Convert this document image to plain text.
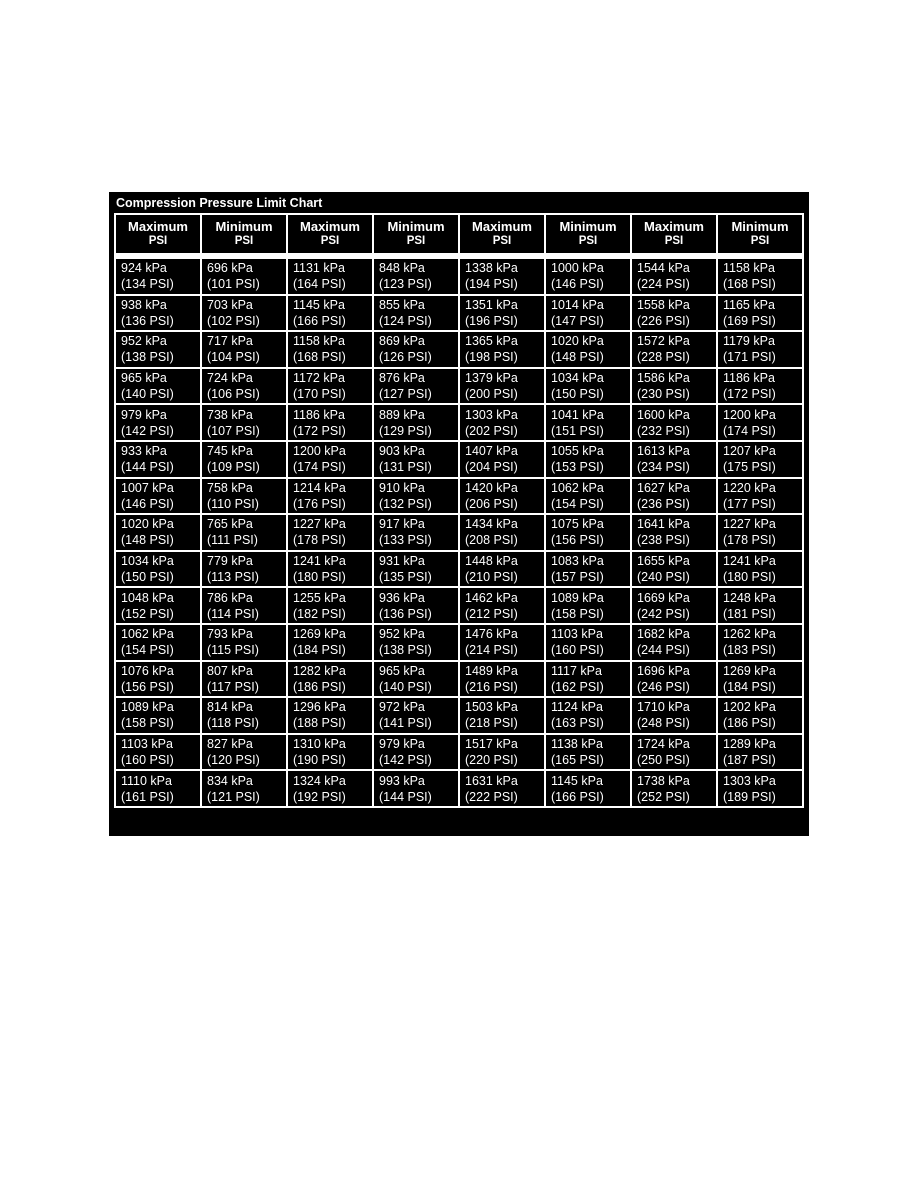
Compression Pressure Limit Chart
Maximum
PSI	Minimum
PSI	Maximum
PSI	Minimum
PSI	Maximum
PSI	Minimum
PSI	Maximum
PSI	Minimum
PSI

924 kPa
(134 PSI)	696 kPa
(101 PSI)	1131 kPa
(164 PSI)	848 kPa
(123 PSI)	1338 kPa
(194 PSI)	1000 kPa
(146 PSI)	1544 kPa
(224 PSI)	1158 kPa
(168 PSI)

938 kPa
(136 PSI)	703 kPa
(102 PSI)	1145 kPa
(166 PSI)	855 kPa
(124 PSI)	1351 kPa
(196 PSI)	1014 kPa
(147 PSI)	1558 kPa
(226 PSI)	1165 kPa
(169 PSI)

952 kPa
(138 PSI)	717 kPa
(104 PSI)	1158 kPa
(168 PSI)	869 kPa
(126 PSI)	1365 kPa
(198 PSI)	1020 kPa
(148 PSI)	1572 kPa
(228 PSI)	1179 kPa
(171 PSI)

965 kPa
(140 PSI)	724 kPa
(106 PSI)	1172 kPa
(170 PSI)	876 kPa
(127 PSI)	1379 kPa
(200 PSI)	1034 kPa
(150 PSI)	1586 kPa
(230 PSI)	1186 kPa
(172 PSI)

979 kPa
(142 PSI)	738 kPa
(107 PSI)	1186 kPa
(172 PSI)	889 kPa
(129 PSI)	1303 kPa
(202 PSI)	1041 kPa
(151 PSI)	1600 kPa
(232 PSI)	1200 kPa
(174 PSI)

933 kPa
(144 PSI)	745 kPa
(109 PSI)	1200 kPa
(174 PSI)	903 kPa
(131 PSI)	1407 kPa
(204 PSI)	1055 kPa
(153 PSI)	1613 kPa
(234 PSI)	1207 kPa
(175 PSI)

1007 kPa
(146 PSI)	758 kPa
(110 PSI)	1214 kPa
(176 PSI)	910 kPa
(132 PSI)	1420 kPa
(206 PSI)	1062 kPa
(154 PSI)	1627 kPa
(236 PSI)	1220 kPa
(177 PSI)

1020 kPa
(148 PSI)	765 kPa
(111 PSI)	1227 kPa
(178 PSI)	917 kPa
(133 PSI)	1434 kPa
(208 PSI)	1075 kPa
(156 PSI)	1641 kPa
(238 PSI)	1227 kPa
(178 PSI)

1034 kPa
(150 PSI)	779 kPa
(113 PSI)	1241 kPa
(180 PSI)	931 kPa
(135 PSI)	1448 kPa
(210 PSI)	1083 kPa
(157 PSI)	1655 kPa
(240 PSI)	1241 kPa
(180 PSI)

1048 kPa
(152 PSI)	786 kPa
(114 PSI)	1255 kPa
(182 PSI)	936 kPa
(136 PSI)	1462 kPa
(212 PSI)	1089 kPa
(158 PSI)	1669 kPa
(242 PSI)	1248 kPa
(181 PSI)

1062 kPa
(154 PSI)	793 kPa
(115 PSI)	1269 kPa
(184 PSI)	952 kPa
(138 PSI)	1476 kPa
(214 PSI)	1103 kPa
(160 PSI)	1682 kPa
(244 PSI)	1262 kPa
(183 PSI)

1076 kPa
(156 PSI)	807 kPa
(117 PSI)	1282 kPa
(186 PSI)	965 kPa
(140 PSI)	1489 kPa
(216 PSI)	1117 kPa
(162 PSI)	1696 kPa
(246 PSI)	1269 kPa
(184 PSI)

1089 kPa
(158 PSI)	814 kPa
(118 PSI)	1296 kPa
(188 PSI)	972 kPa
(141 PSI)	1503 kPa
(218 PSI)	1124 kPa
(163 PSI)	1710 kPa
(248 PSI)	1202 kPa
(186 PSI)

1103 kPa
(160 PSI)	827 kPa
(120 PSI)	1310 kPa
(190 PSI)	979 kPa
(142 PSI)	1517 kPa
(220 PSI)	1138 kPa
(165 PSI)	1724 kPa
(250 PSI)	1289 kPa
(187 PSI)

1110 kPa
(161 PSI)	834 kPa
(121 PSI)	1324 kPa
(192 PSI)	993 kPa
(144 PSI)	1631 kPa
(222 PSI)	1145 kPa
(166 PSI)	1738 kPa
(252 PSI)	1303 kPa
(189 PSI)
